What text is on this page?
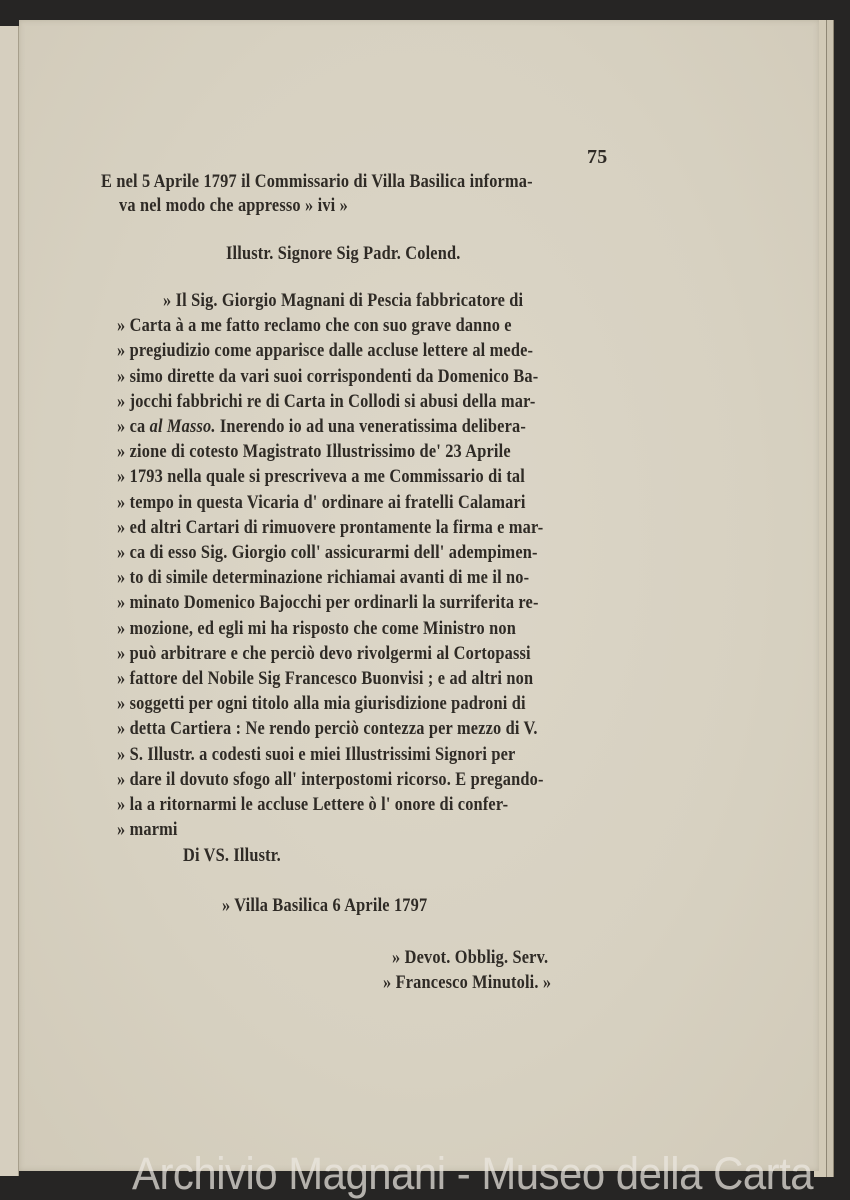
75
E nel 5 Aprile 1797 il Commissario di Villa Basilica informa-
va nel modo che appresso » ivi »
Illustr. Signore Sig Padr. Colend.
» Il Sig. Giorgio Magnani di Pescia fabbricatore di
» Carta à a me fatto reclamo che con suo grave danno e
» pregiudizio come apparisce dalle accluse lettere al mede-
» simo dirette da vari suoi corrispondenti da Domenico Ba-
» jocchi fabbrichi re di Carta in Collodi si abusi della mar-
» ca al Masso. Inerendo io ad una veneratissima delibera-
» zione di cotesto Magistrato Illustrissimo de' 23 Aprile
» 1793 nella quale si prescriveva a me Commissario di tal
» tempo in questa Vicaria d' ordinare ai fratelli Calamari
» ed altri Cartari di rimuovere prontamente la firma e mar-
» ca di esso Sig. Giorgio coll' assicurarmi dell' adempimen-
» to di simile determinazione richiamai avanti di me il no-
» minato Domenico Bajocchi per ordinarli la surriferita re-
» mozione, ed egli mi ha risposto che come Ministro non
» può arbitrare e che perciò devo rivolgermi al Cortopassi
» fattore del Nobile Sig Francesco Buonvisi ; e ad altri non
» soggetti per ogni titolo alla mia giurisdizione padroni di
» detta Cartiera : Ne rendo perciò contezza per mezzo di V.
» S. Illustr. a codesti suoi e miei Illustrissimi Signori per
» dare il dovuto sfogo all' interpostomi ricorso. E pregando-
» la a ritornarmi le accluse Lettere ò l' onore di confer-
» marmi
Di VS. Illustr.
» Villa Basilica 6 Aprile 1797
» Devot. Obblig. Serv.
» Francesco Minutoli. »
Archivio Magnani - Museo della Carta
